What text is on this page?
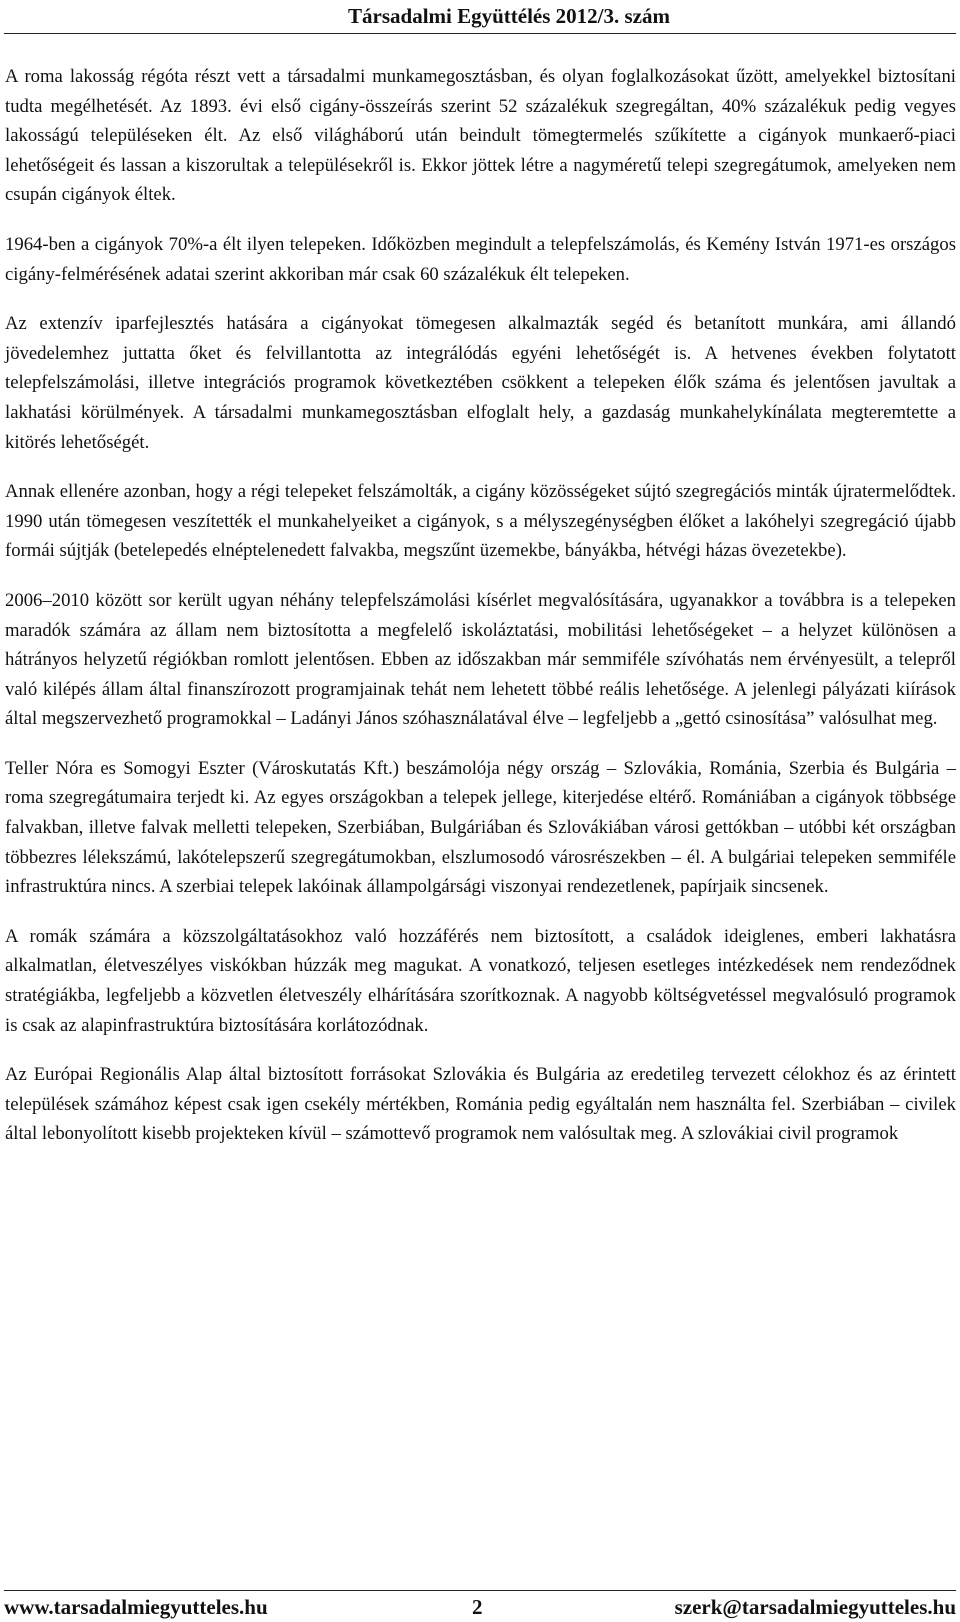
Társadalmi Együttélés 2012/3. szám

A roma lakosság régóta részt vett a társadalmi munkamegosztásban, és olyan foglalkozásokat űzött, amelyekkel biztosítani tudta megélhetését. Az 1893. évi első cigány-összeírás szerint 52 százalékuk szegregáltan, 40% százalékuk pedig vegyes lakosságú településeken élt. Az első világháború után beindult tömegtermelés szűkítette a cigányok munkaerő-piaci lehetőségeit és lassan a kiszorultak a településekről is. Ekkor jöttek létre a nagyméretű telepi szegregátumok, amelyeken nem csupán cigányok éltek.

1964-ben a cigányok 70%-a élt ilyen telepeken. Időközben megindult a telepfelszámolás, és Kemény István 1971-es országos cigány-felmérésének adatai szerint akkoriban már csak 60 százalékuk élt telepeken.

Az extenzív iparfejlesztés hatására a cigányokat tömegesen alkalmazták segéd és betanított munkára, ami állandó jövedelemhez juttatta őket és felvillantotta az integrálódás egyéni lehetőségét is. A hetvenes években folytatott telepfelszámolási, illetve integrációs programok következtében csökkent a telepeken élők száma és jelentősen javultak a lakhatási körülmények. A társadalmi munkamegosztásban elfoglalt hely, a gazdaság munkahelykínálata megteremtette a kitörés lehetőségét.

Annak ellenére azonban, hogy a régi telepeket felszámolták, a cigány közösségeket sújtó szegregációs minták újratermelődtek. 1990 után tömegesen veszítették el munkahelyeiket a cigányok, s a mélyszegénységben élőket a lakóhelyi szegregáció újabb formái sújtják (betelepedés elnéptelenedett falvakba, megszűnt üzemekbe, bányákba, hétvégi házas övezetekbe).

2006–2010 között sor került ugyan néhány telepfelszámolási kísérlet megvalósítására, ugyanakkor a továbbra is a telepeken maradók számára az állam nem biztosította a megfelelő iskoláztatási, mobilitási lehetőségeket – a helyzet különösen a hátrányos helyzetű régiókban romlott jelentősen. Ebben az időszakban már semmiféle szívóhatás nem érvényesült, a telepről való kilépés állam által finanszírozott programjainak tehát nem lehetett többé reális lehetősége. A jelenlegi pályázati kiírások által megszervezhető programokkal – Ladányi János szóhasználatával élve – legfeljebb a „gettó csinosítása” valósulhat meg.

Teller Nóra es Somogyi Eszter (Városkutatás Kft.) beszámolója négy ország – Szlovákia, Románia, Szerbia és Bulgária – roma szegregátumaira terjedt ki. Az egyes országokban a telepek jellege, kiterjedése eltérő. Romániában a cigányok többsége falvakban, illetve falvak melletti telepeken, Szerbiában, Bulgáriában és Szlovákiában városi gettókban – utóbbi két országban többezres lélekszámú, lakótelepszerű szegregátumokban, elszlumosodó városrészekben – él. A bulgáriai telepeken semmiféle infrastruktúra nincs. A szerbiai telepek lakóinak állampolgársági viszonyai rendezetlenek, papírjaik sincsenek.

A romák számára a közszolgáltatásokhoz való hozzáférés nem biztosított, a családok ideiglenes, emberi lakhatásra alkalmatlan, életveszélyes viskókban húzzák meg magukat. A vonatkozó, teljesen esetleges intézkedések nem rendeződnek stratégiákba, legfeljebb a közvetlen életveszély elhárítására szorítkoznak. A nagyobb költségvetéssel megvalósuló programok is csak az alapinfrastruktúra biztosítására korlátozódnak.

Az Európai Regionális Alap által biztosított forrásokat Szlovákia és Bulgária az eredetileg tervezett célokhoz és az érintett települések számához képest csak igen csekély mértékben, Románia pedig egyáltalán nem használta fel. Szerbiában – civilek által lebonyolított kisebb projekteken kívül – számottevő programok nem valósultak meg. A szlovákiai civil programok

www.tarsadalmiegyutteles.hu	2	szerk@tarsadalmiegyutteles.hu
